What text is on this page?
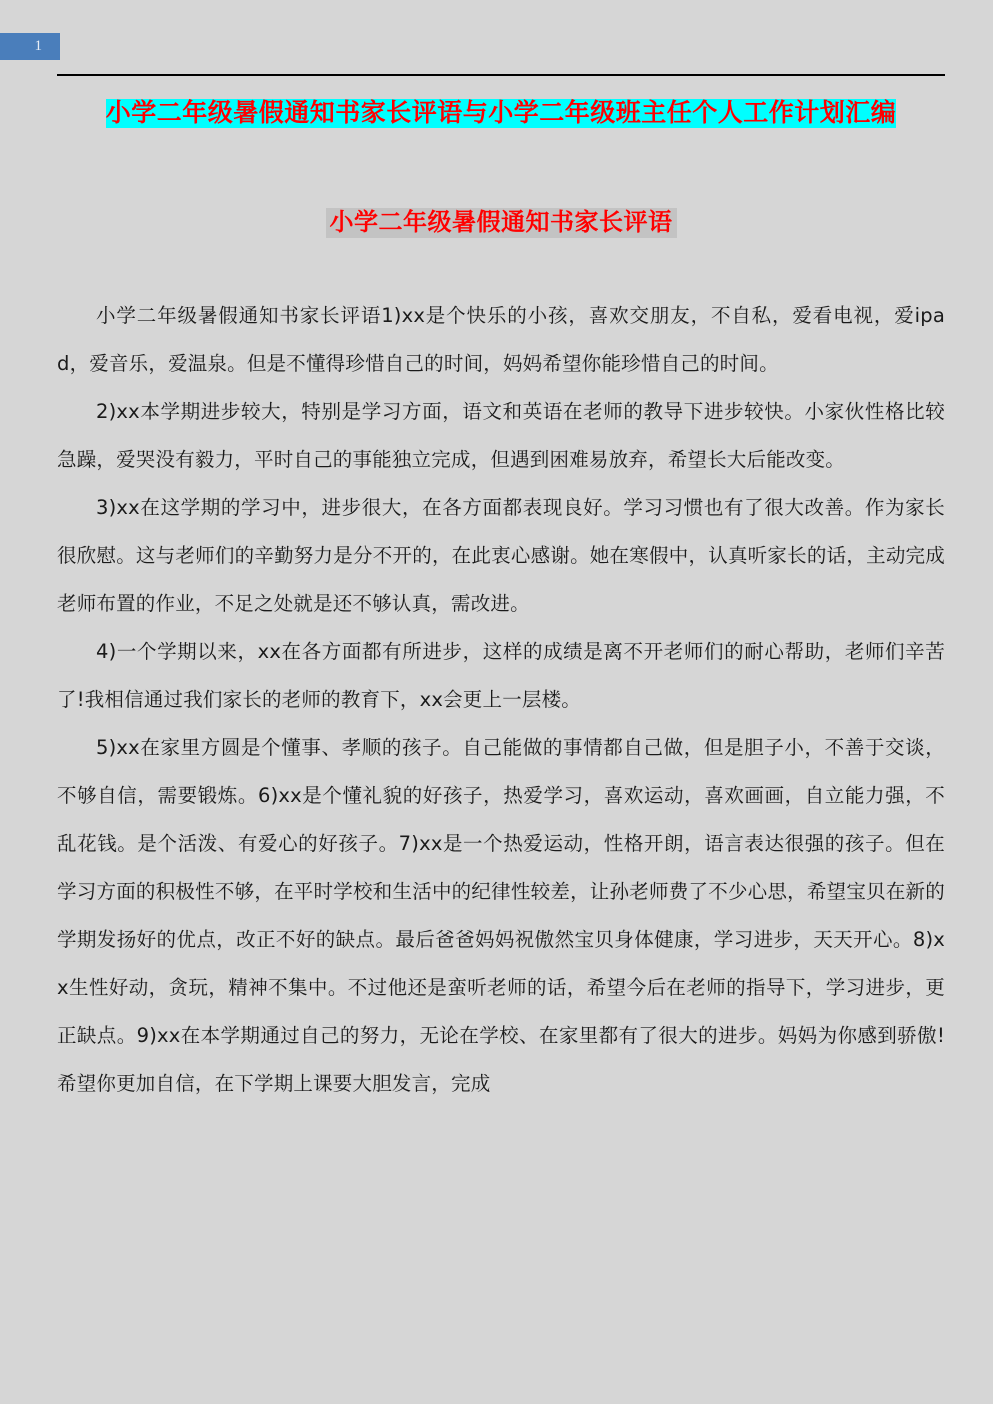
1
小学二年级暑假通知书家长评语与小学二年级班主任个人工作计划汇编
小学二年级暑假通知书家长评语

小学二年级暑假通知书家长评语1)xx是个快乐的小孩，喜欢交朋友，不自私，爱看电视，爱ipad，爱音乐，爱温泉。但是不懂得珍惜自己的时间，妈妈希望你能珍惜自己的时间。

2)xx本学期进步较大，特别是学习方面，语文和英语在老师的教导下进步较快。小家伙性格比较急躁，爱哭没有毅力，平时自己的事能独立完成，但遇到困难易放弃，希望长大后能改变。

3)xx在这学期的学习中，进步很大，在各方面都表现良好。学习习惯也有了很大改善。作为家长很欣慰。这与老师们的辛勤努力是分不开的，在此衷心感谢。她在寒假中，认真听家长的话，主动完成老师布置的作业，不足之处就是还不够认真，需改进。

4)一个学期以来，xx在各方面都有所进步，这样的成绩是离不开老师们的耐心帮助，老师们辛苦了!我相信通过我们家长的老师的教育下，xx会更上一层楼。

5)xx在家里方圆是个懂事、孝顺的孩子。自己能做的事情都自己做，但是胆子小，不善于交谈，不够自信，需要锻炼。6)xx是个懂礼貌的好孩子，热爱学习，喜欢运动，喜欢画画，自立能力强，不乱花钱。是个活泼、有爱心的好孩子。7)xx是一个热爱运动，性格开朗，语言表达很强的孩子。但在学习方面的积极性不够，在平时学校和生活中的纪律性较差，让孙老师费了不少心思，希望宝贝在新的学期发扬好的优点，改正不好的缺点。最后爸爸妈妈祝傲然宝贝身体健康，学习进步，天天开心。8)xx生性好动，贪玩，精神不集中。不过他还是蛮听老师的话，希望今后在老师的指导下，学习进步，更正缺点。9)xx在本学期通过自己的努力，无论在学校、在家里都有了很大的进步。妈妈为你感到骄傲!希望你更加自信，在下学期上课要大胆发言，完成
